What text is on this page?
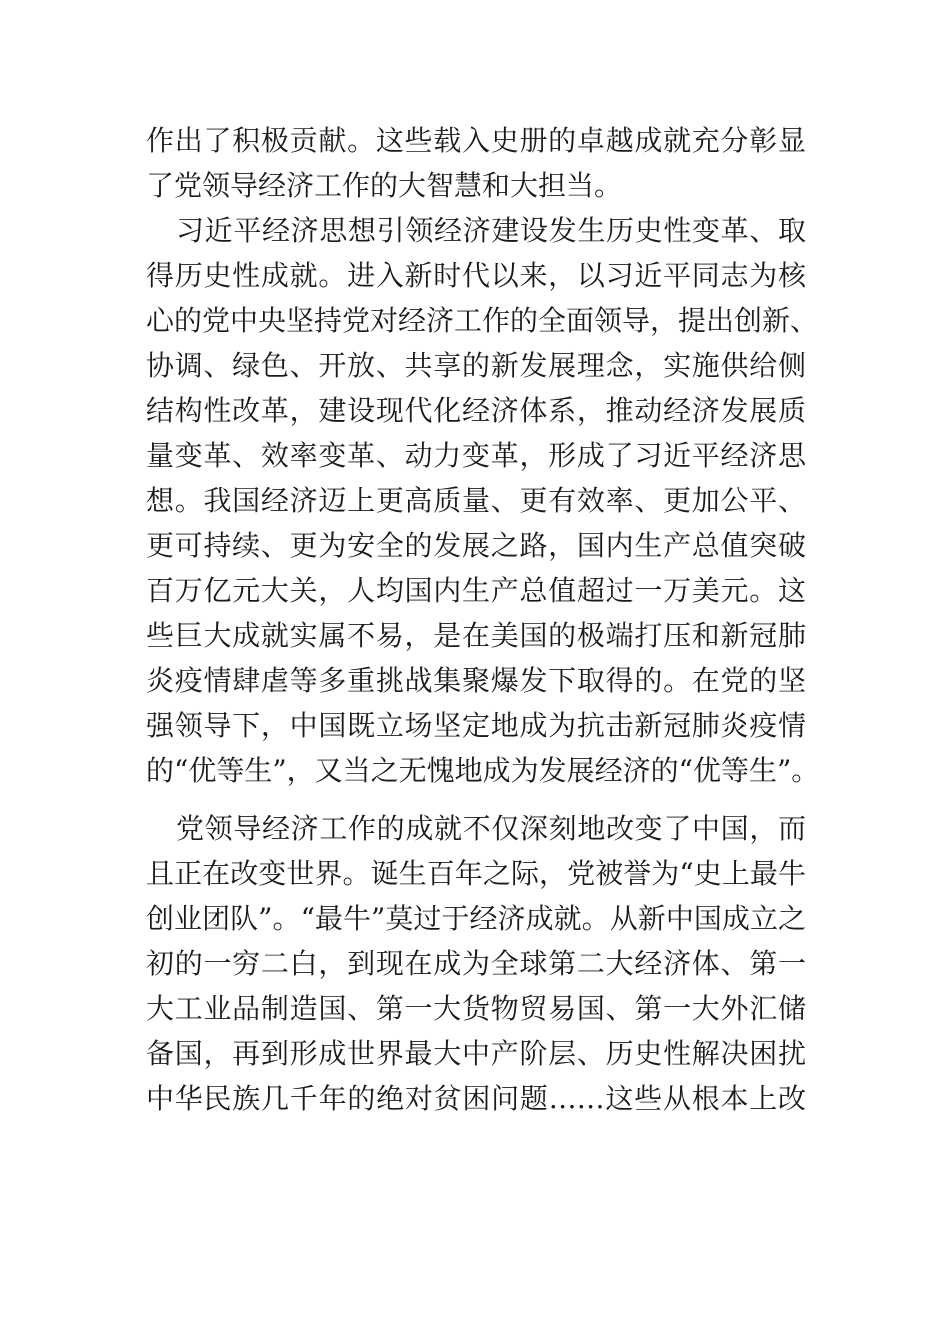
作出了积极贡献。这些载入史册的卓越成就充分彰显
了党领导经济工作的大智慧和大担当。
习近平经济思想引领经济建设发生历史性变革、取
得历史性成就。进入新时代以来，以习近平同志为核
心的党中央坚持党对经济工作的全面领导，提出创新、
协调、绿色、开放、共享的新发展理念，实施供给侧
结构性改革，建设现代化经济体系，推动经济发展质
量变革、效率变革、动力变革，形成了习近平经济思
想。我国经济迈上更高质量、更有效率、更加公平、
更可持续、更为安全的发展之路，国内生产总值突破
百万亿元大关，人均国内生产总值超过一万美元。这
些巨大成就实属不易，是在美国的极端打压和新冠肺
炎疫情肆虐等多重挑战集聚爆发下取得的。在党的坚
强领导下，中国既立场坚定地成为抗击新冠肺炎疫情
的“优等生”，又当之无愧地成为发展经济的“优等生”。
党领导经济工作的成就不仅深刻地改变了中国，而
且正在改变世界。诞生百年之际，党被誉为“史上最牛
创业团队”。“最牛”莫过于经济成就。从新中国成立之
初的一穷二白，到现在成为全球第二大经济体、第一
大工业品制造国、第一大货物贸易国、第一大外汇储
备国，再到形成世界最大中产阶层、历史性解决困扰
中华民族几千年的绝对贫困问题……这些从根本上改
